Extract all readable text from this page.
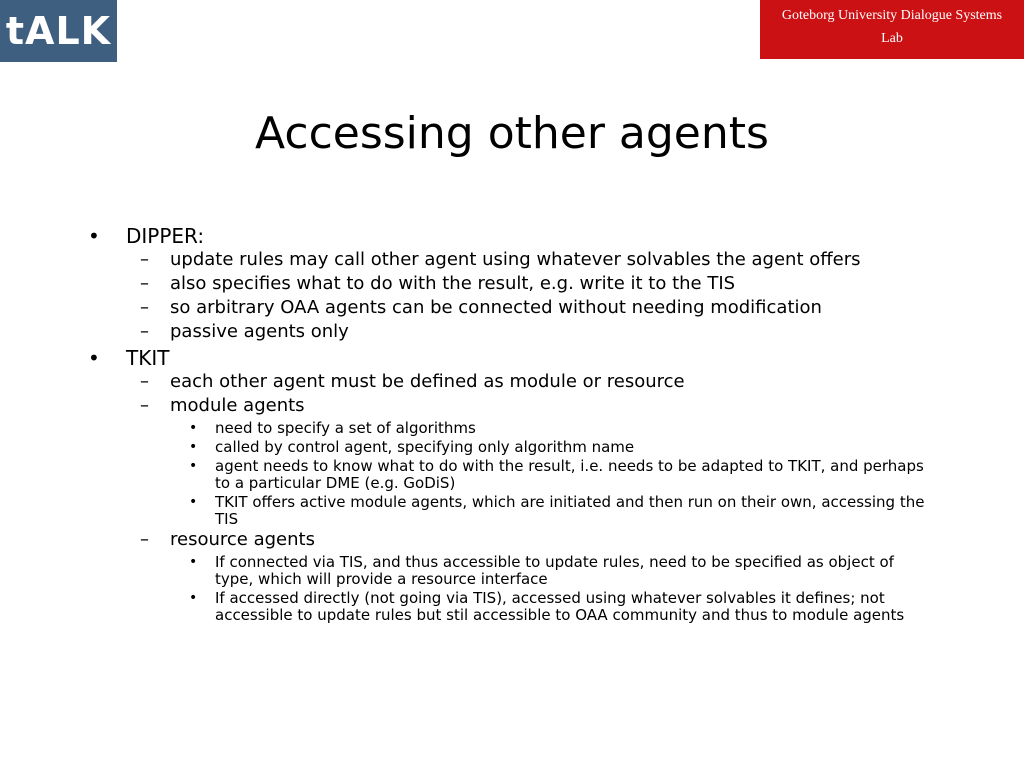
tALK	Goteborg University Dialogue Systems
Lab
Accessing other agents
• DIPPER:
– update rules may call other agent using whatever solvables the agent offers
– also specifies what to do with the result, e.g. write it to the TIS
– so arbitrary OAA agents can be connected without needing modification
– passive agents only
• TKIT
– each other agent must be defined as module or resource
– module agents
• need to specify a set of algorithms
• called by control agent, specifying only algorithm name
• agent needs to know what to do with the result, i.e. needs to be adapted to TKIT, and perhaps to a particular DME (e.g. GoDiS)
• TKIT offers active module agents, which are initiated and then run on their own, accessing the TIS
– resource agents
• If connected via TIS, and thus accessible to update rules, need to be specified as object of type, which will provide a resource interface
• If accessed directly (not going via TIS), accessed using whatever solvables it defines; not accessible to update rules but stil accessible to OAA community and thus to module agents
